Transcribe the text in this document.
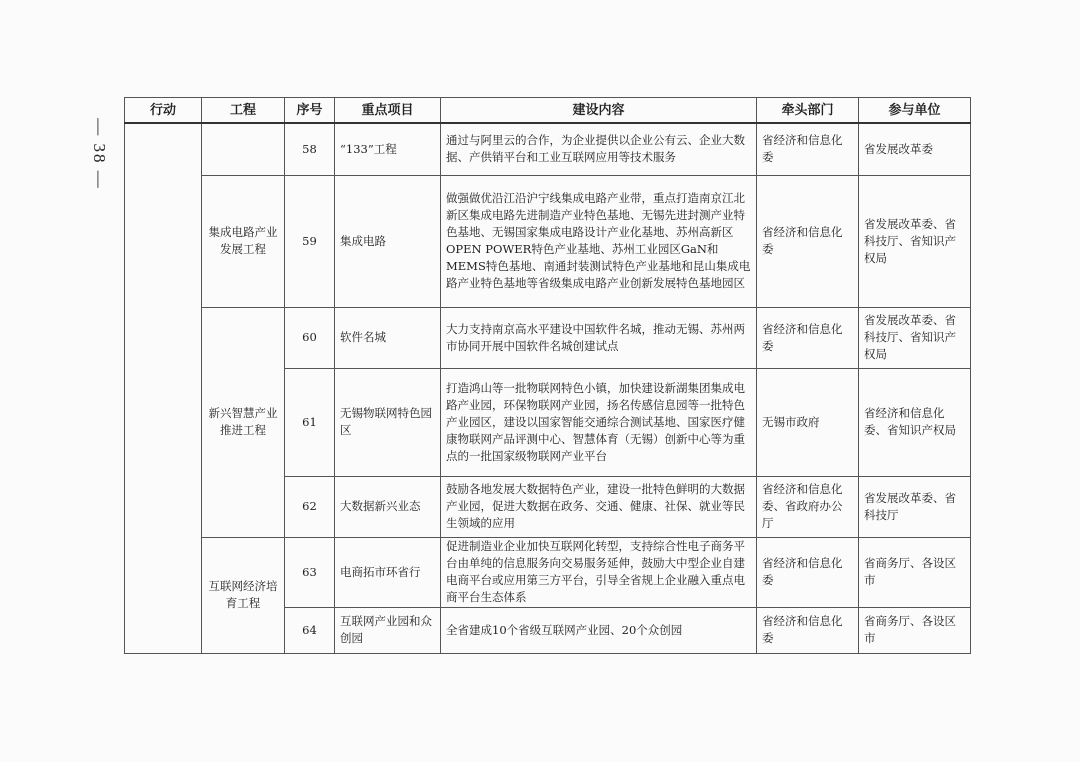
— 38 —
行动	工程	序号	重点项目	建设内容	牵头部门	参与单位
		58	“133”工程	通过与阿里云的合作，为企业提供以企业公有云、企业大数据、产供销平台和工业互联网应用等技术服务	省经济和信息化委	省发展改革委
	集成电路产业发展工程	59	集成电路	做强做优沿江沿沪宁线集成电路产业带，重点打造南京江北新区集成电路先进制造产业特色基地、无锡先进封测产业特色基地、无锡国家集成电路设计产业化基地、苏州高新区OPEN POWER特色产业基地、苏州工业园区GaN和MEMS特色基地、南通封装测试特色产业基地和昆山集成电路产业特色基地等省级集成电路产业创新发展特色基地园区	省经济和信息化委	省发展改革委、省科技厅、省知识产权局
	新兴智慧产业推进工程	60	软件名城	大力支持南京高水平建设中国软件名城，推动无锡、苏州两市协同开展中国软件名城创建试点	省经济和信息化委	省发展改革委、省科技厅、省知识产权局
		61	无锡物联网特色园区	打造鸿山等一批物联网特色小镇，加快建设新湖集团集成电路产业园，环保物联网产业园，扬名传感信息园等一批特色产业园区，建设以国家智能交通综合测试基地、国家医疗健康物联网产品评测中心、智慧体育（无锡）创新中心等为重点的一批国家级物联网产业平台	无锡市政府	省经济和信息化委、省知识产权局
		62	大数据新兴业态	鼓励各地发展大数据特色产业，建设一批特色鲜明的大数据产业园，促进大数据在政务、交通、健康、社保、就业等民生领域的应用	省经济和信息化委、省政府办公厅	省发展改革委、省科技厅
	互联网经济培育工程	63	电商拓市环省行	促进制造业企业加快互联网化转型，支持综合性电子商务平台由单纯的信息服务向交易服务延伸，鼓励大中型企业自建电商平台或应用第三方平台，引导全省规上企业融入重点电商平台生态体系	省经济和信息化委	省商务厅、各设区市
		64	互联网产业园和众创园	全省建成10个省级互联网产业园、20个众创园	省经济和信息化委	省商务厅、各设区市
